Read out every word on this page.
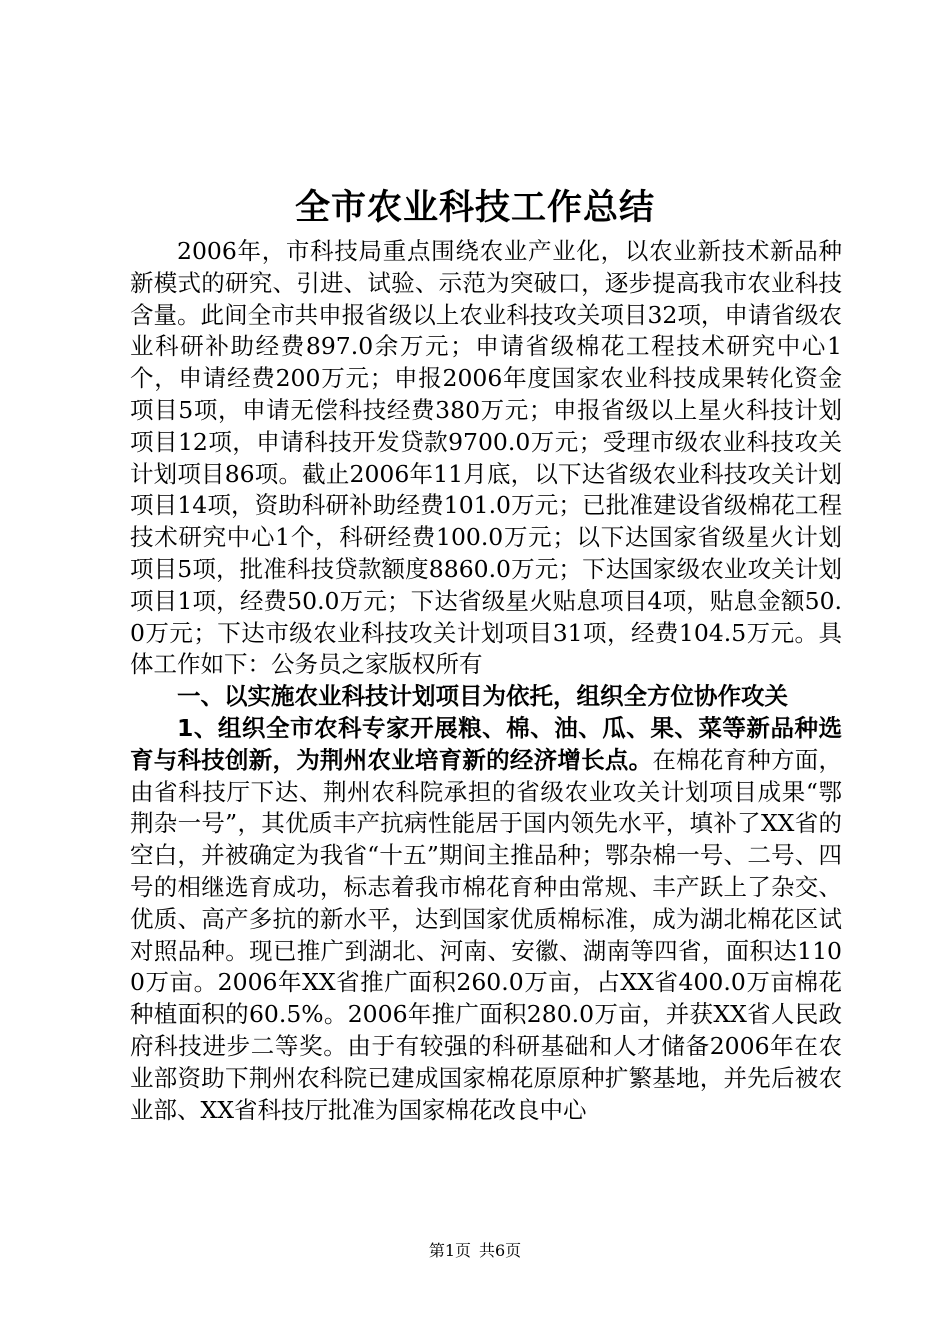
全市农业科技工作总结

2006年，市科技局重点围绕农业产业化，以农业新技术新品种新模式的研究、引进、试验、示范为突破口，逐步提高我市农业科技含量。此间全市共申报省级以上农业科技攻关项目32项，申请省级农业科研补助经费897.0余万元；申请省级棉花工程技术研究中心1个，申请经费200万元；申报2006年度国家农业科技成果转化资金项目5项，申请无偿科技经费380万元；申报省级以上星火科技计划项目12项，申请科技开发贷款9700.0万元；受理市级农业科技攻关计划项目86项。截止2006年11月底，以下达省级农业科技攻关计划项目14项，资助科研补助经费101.0万元；已批准建设省级棉花工程技术研究中心1个，科研经费100.0万元；以下达国家省级星火计划项目5项，批准科技贷款额度8860.0万元；下达国家级农业攻关计划项目1项，经费50.0万元；下达省级星火贴息项目4项，贴息金额50.0万元；下达市级农业科技攻关计划项目31项，经费104.5万元。具体工作如下：公务员之家版权所有

一、以实施农业科技计划项目为依托，组织全方位协作攻关

1、组织全市农科专家开展粮、棉、油、瓜、果、菜等新品种选育与科技创新，为荆州农业培育新的经济增长点。在棉花育种方面，由省科技厅下达、荆州农科院承担的省级农业攻关计划项目成果“鄂荆杂一号”，其优质丰产抗病性能居于国内领先水平，填补了XX省的空白，并被确定为我省“十五”期间主推品种；鄂杂棉一号、二号、四号的相继选育成功，标志着我市棉花育种由常规、丰产跃上了杂交、优质、高产多抗的新水平，达到国家优质棉标准，成为湖北棉花区试对照品种。现已推广到湖北、河南、安徽、湖南等四省，面积达1100万亩。2006年XX省推广面积260.0万亩，占XX省400.0万亩棉花种植面积的60.5%。2006年推广面积280.0万亩，并获XX省人民政府科技进步二等奖。由于有较强的科研基础和人才储备2006年在农业部资助下荆州农科院已建成国家棉花原原种扩繁基地，并先后被农业部、XX省科技厅批准为国家棉花改良中心

第1页 共6页
